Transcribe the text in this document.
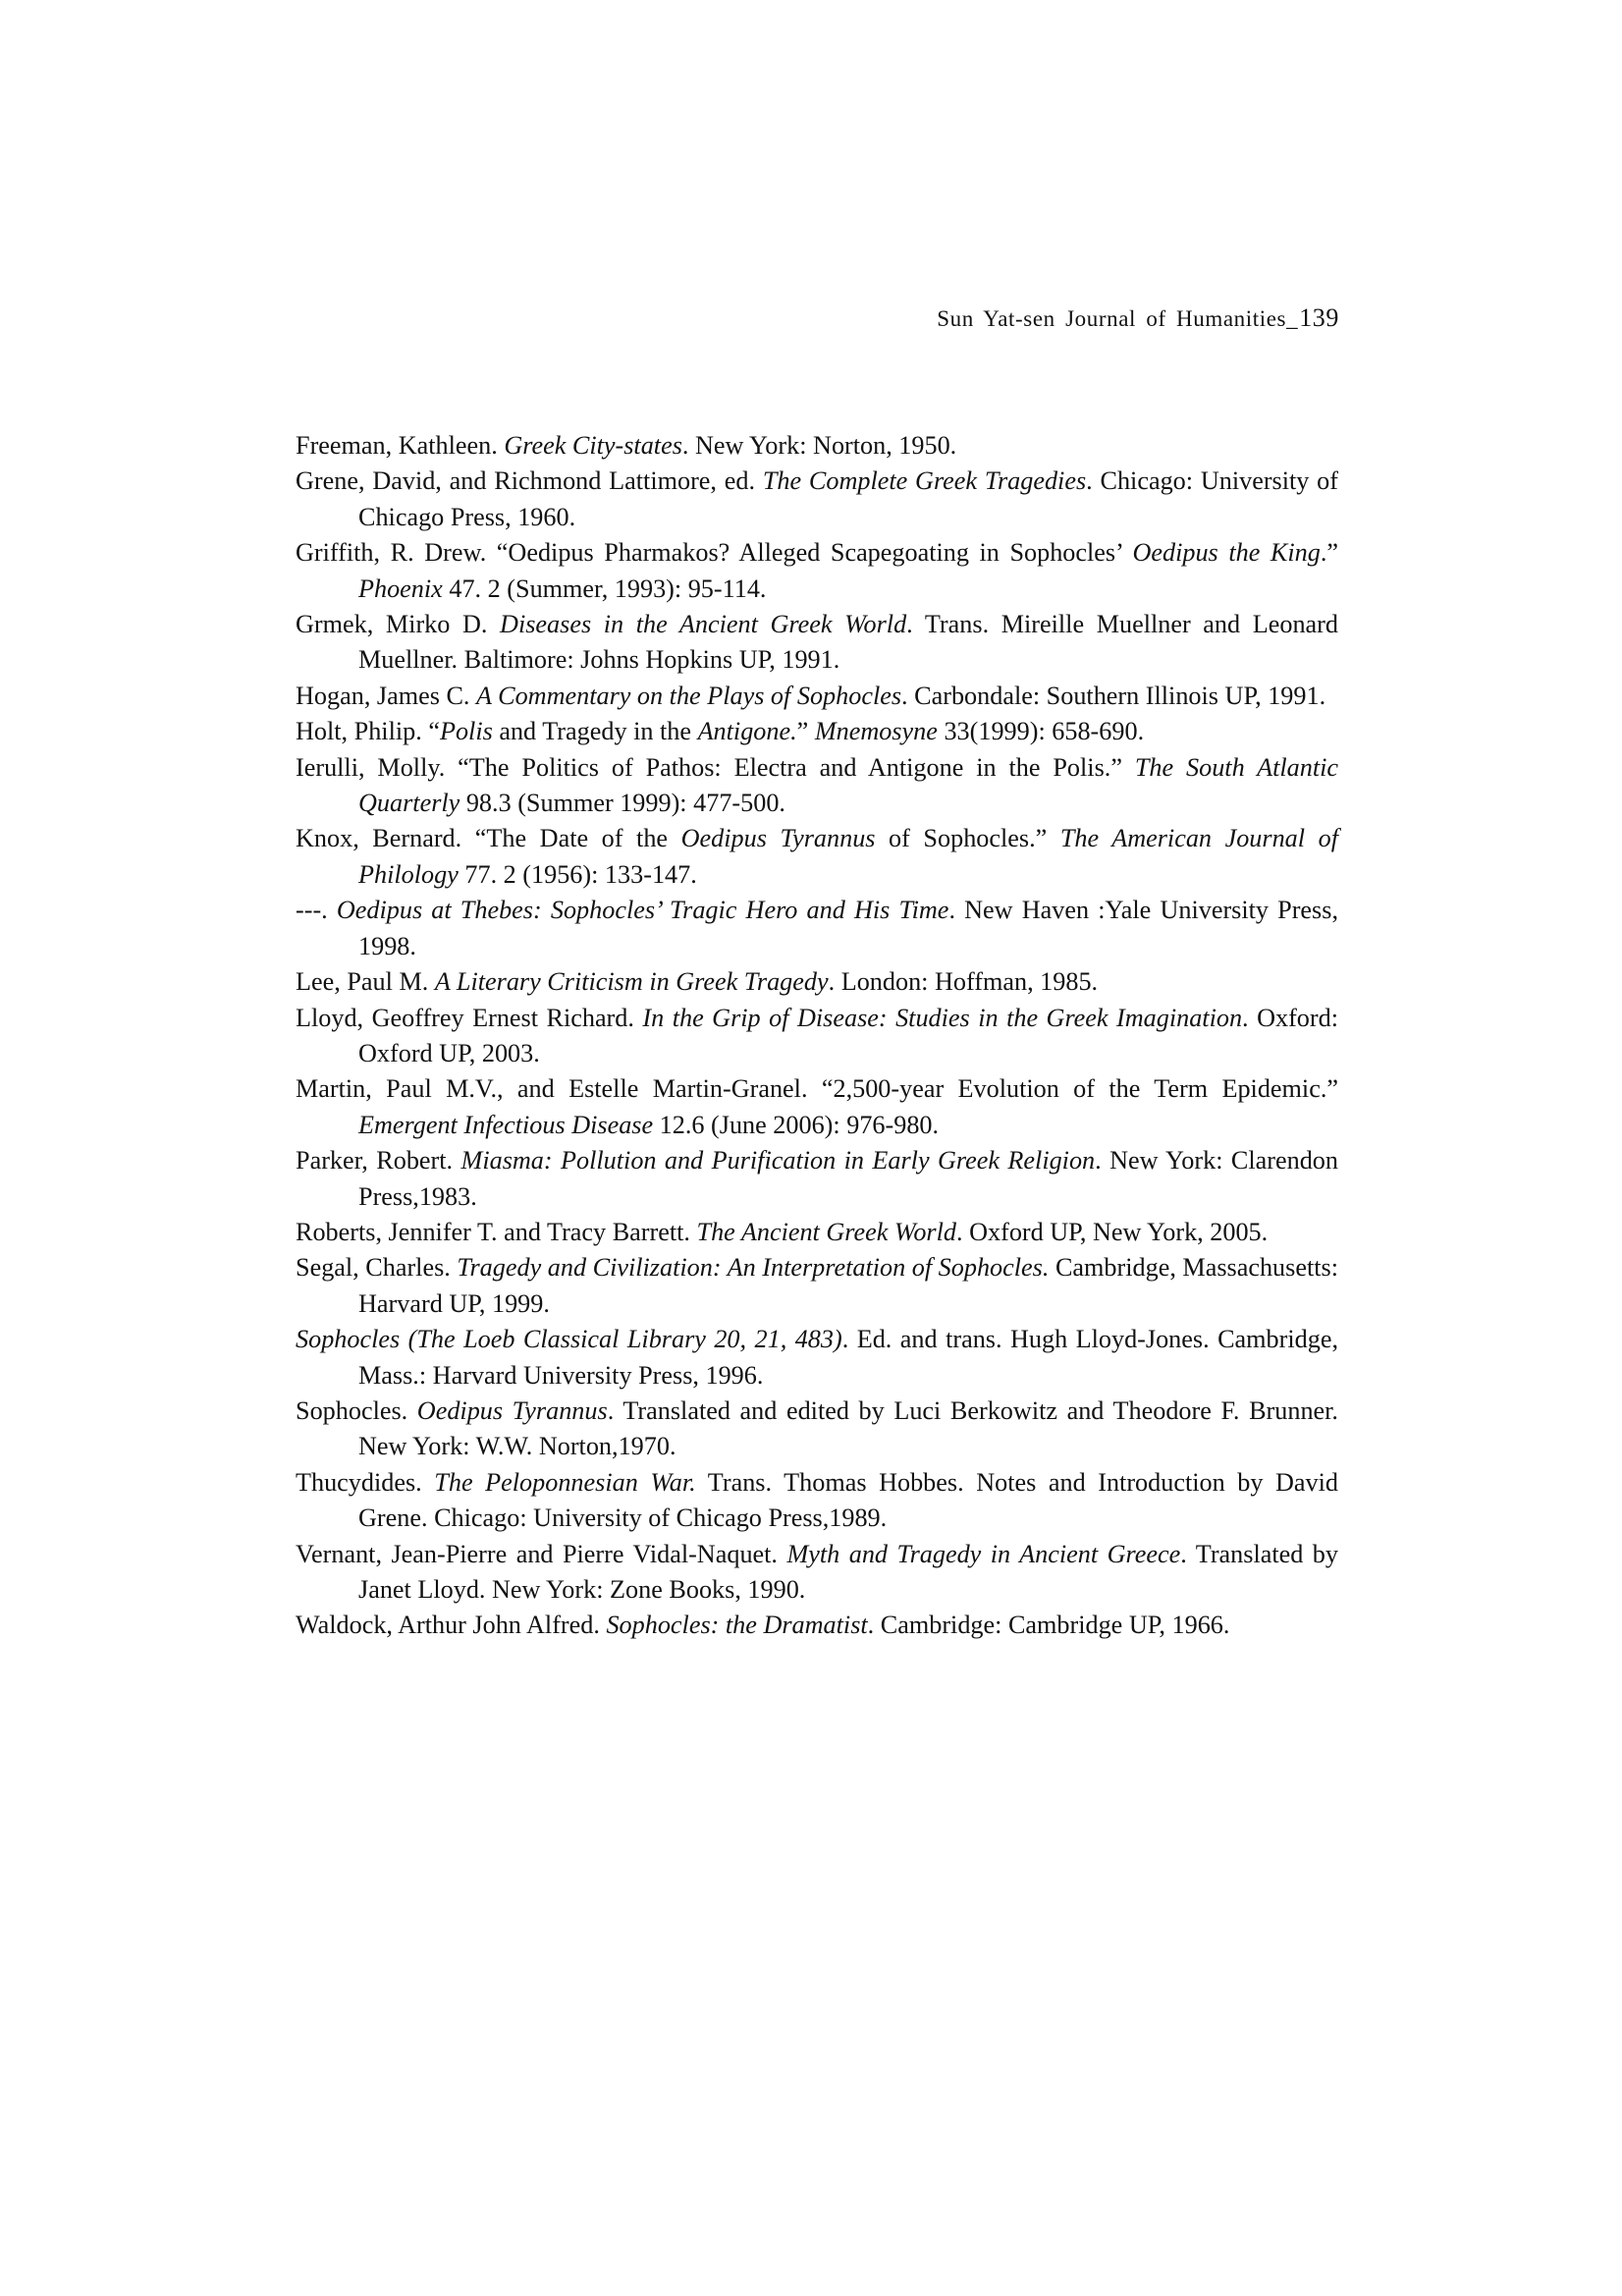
Sun Yat-sen Journal of Humanities_139
Freeman, Kathleen. Greek City-states. New York: Norton, 1950.
Grene, David, and Richmond Lattimore, ed. The Complete Greek Tragedies. Chicago: University of Chicago Press, 1960.
Griffith, R. Drew. “Oedipus Pharmakos? Alleged Scapegoating in Sophocles’ Oedipus the King.” Phoenix 47. 2 (Summer, 1993): 95-114.
Grmek, Mirko D. Diseases in the Ancient Greek World. Trans. Mireille Muellner and Leonard Muellner. Baltimore: Johns Hopkins UP, 1991.
Hogan, James C. A Commentary on the Plays of Sophocles. Carbondale: Southern Illinois UP, 1991.
Holt, Philip. “Polis and Tragedy in the Antigone.” Mnemosyne 33(1999): 658-690.
Ierulli, Molly. “The Politics of Pathos: Electra and Antigone in the Polis.” The South Atlantic Quarterly 98.3 (Summer 1999): 477-500.
Knox, Bernard. “The Date of the Oedipus Tyrannus of Sophocles.” The American Journal of Philology 77. 2 (1956): 133-147.
---. Oedipus at Thebes: Sophocles’ Tragic Hero and His Time. New Haven :Yale University Press, 1998.
Lee, Paul M. A Literary Criticism in Greek Tragedy. London: Hoffman, 1985.
Lloyd, Geoffrey Ernest Richard. In the Grip of Disease: Studies in the Greek Imagination. Oxford: Oxford UP, 2003.
Martin, Paul M.V., and Estelle Martin-Granel. “2,500-year Evolution of the Term Epidemic.” Emergent Infectious Disease 12.6 (June 2006): 976-980.
Parker, Robert. Miasma: Pollution and Purification in Early Greek Religion. New York: Clarendon Press,1983.
Roberts, Jennifer T. and Tracy Barrett. The Ancient Greek World. Oxford UP, New York, 2005.
Segal, Charles. Tragedy and Civilization: An Interpretation of Sophocles. Cambridge, Massachusetts: Harvard UP, 1999.
Sophocles (The Loeb Classical Library 20, 21, 483). Ed. and trans. Hugh Lloyd-Jones. Cambridge, Mass.: Harvard University Press, 1996.
Sophocles. Oedipus Tyrannus. Translated and edited by Luci Berkowitz and Theodore F. Brunner. New York: W.W. Norton,1970.
Thucydides. The Peloponnesian War. Trans. Thomas Hobbes. Notes and Introduction by David Grene. Chicago: University of Chicago Press,1989.
Vernant, Jean-Pierre and Pierre Vidal-Naquet. Myth and Tragedy in Ancient Greece. Translated by Janet Lloyd. New York: Zone Books, 1990.
Waldock, Arthur John Alfred. Sophocles: the Dramatist. Cambridge: Cambridge UP, 1966.
